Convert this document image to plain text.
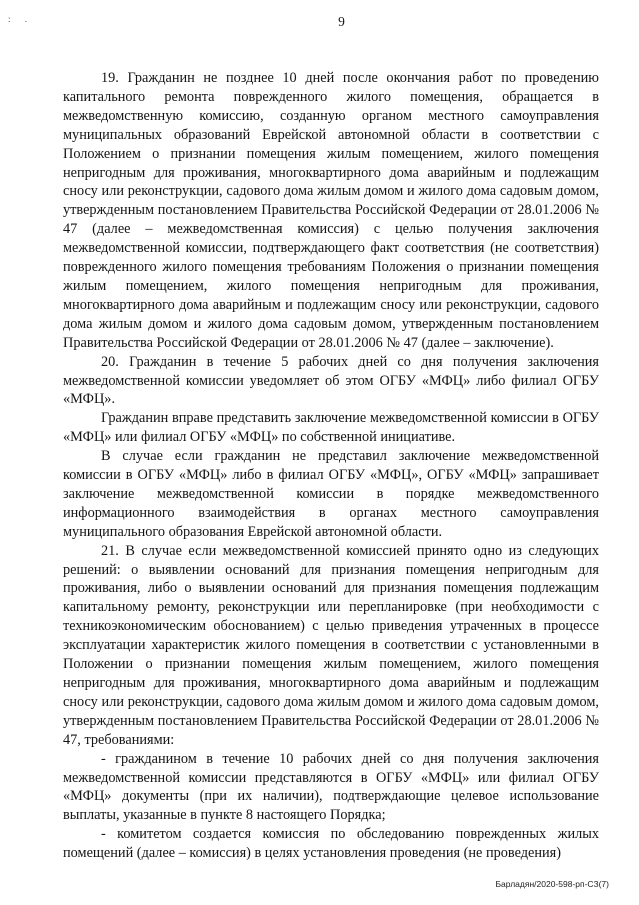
: .	9

19. Гражданин не позднее 10 дней после окончания работ по проведению капитального ремонта поврежденного жилого помещения, обращается в межведомственную комиссию, созданную органом местного самоуправления муниципальных образований Еврейской автономной области в соответствии с Положением о признании помещения жилым помещением, жилого помещения непригодным для проживания, многоквартирного дома аварийным и подлежащим сносу или реконструкции, садового дома жилым домом и жилого дома садовым домом, утвержденным постановлением Правительства Российской Федерации от 28.01.2006 № 47 (далее – межведомственная комиссия) с целью получения заключения межведомственной комиссии, подтверждающего факт соответствия (не соответствия) поврежденного жилого помещения требованиям Положения о признании помещения жилым помещением, жилого помещения непригодным для проживания, многоквартирного дома аварийным и подлежащим сносу или реконструкции, садового дома жилым домом и жилого дома садовым домом, утвержденным постановлением Правительства Российской Федерации от 28.01.2006 № 47 (далее – заключение).

20. Гражданин в течение 5 рабочих дней со дня получения заключения межведомственной комиссии уведомляет об этом ОГБУ «МФЦ» либо филиал ОГБУ «МФЦ».

Гражданин вправе представить заключение межведомственной комиссии в ОГБУ «МФЦ» или филиал ОГБУ «МФЦ» по собственной инициативе.

В случае если гражданин не представил заключение межведомственной комиссии в ОГБУ «МФЦ» либо в филиал ОГБУ «МФЦ», ОГБУ «МФЦ» запрашивает заключение межведомственной комиссии в порядке межведомственного информационного взаимодействия в органах местного самоуправления муниципального образования Еврейской автономной области.

21. В случае если межведомственной комиссией принято одно из следующих решений: о выявлении оснований для признания помещения непригодным для проживания, либо о выявлении оснований для признания помещения подлежащим капитальному ремонту, реконструкции или перепланировке (при необходимости с техникоэкономическим обоснованием) с целью приведения утраченных в процессе эксплуатации характеристик жилого помещения в соответствии с установленными в Положении о признании помещения жилым помещением, жилого помещения непригодным для проживания, многоквартирного дома аварийным и подлежащим сносу или реконструкции, садового дома жилым домом и жилого дома садовым домом, утвержденным постановлением Правительства Российской Федерации от 28.01.2006 № 47, требованиями:

- гражданином в течение 10 рабочих дней со дня получения заключения межведомственной комиссии представляются в ОГБУ «МФЦ» или филиал ОГБУ «МФЦ» документы (при их наличии), подтверждающие целевое использование выплаты, указанные в пункте 8 настоящего Порядка;

- комитетом создается комиссия по обследованию поврежденных жилых помещений (далее – комиссия) в целях установления проведения (не проведения)

Барладян/2020-598-рп-СЗ(7)
